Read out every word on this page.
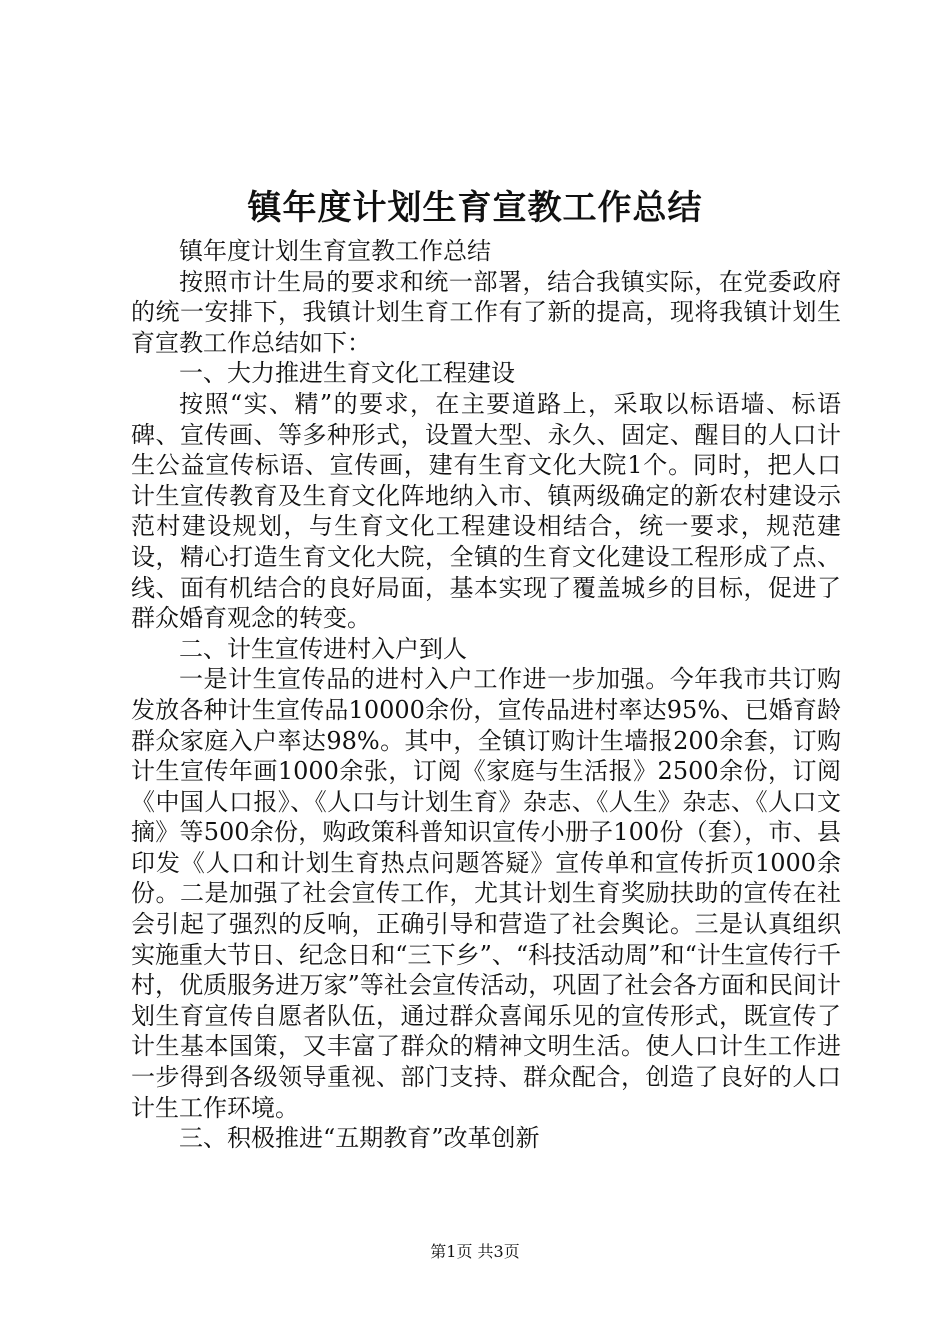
镇年度计划生育宣教工作总结

镇年度计划生育宣教工作总结

按照市计生局的要求和统一部署，结合我镇实际，在党委政府的统一安排下，我镇计划生育工作有了新的提高，现将我镇计划生育宣教工作总结如下：

一、大力推进生育文化工程建设

按照“实、精”的要求，在主要道路上，采取以标语墙、标语碑、宣传画、等多种形式，设置大型、永久、固定、醒目的人口计生公益宣传标语、宣传画，建有生育文化大院1个。同时，把人口计生宣传教育及生育文化阵地纳入市、镇两级确定的新农村建设示范村建设规划，与生育文化工程建设相结合，统一要求，规范建设，精心打造生育文化大院，全镇的生育文化建设工程形成了点、线、面有机结合的良好局面，基本实现了覆盖城乡的目标，促进了群众婚育观念的转变。

二、计生宣传进村入户到人

一是计生宣传品的进村入户工作进一步加强。今年我市共订购发放各种计生宣传品10000余份，宣传品进村率达95%、已婚育龄群众家庭入户率达98%。其中，全镇订购计生墙报200余套，订购计生宣传年画1000余张，订阅《家庭与生活报》2500余份，订阅《中国人口报》、《人口与计划生育》杂志、《人生》杂志、《人口文摘》等500余份，购政策科普知识宣传小册子100份（套），市、县印发《人口和计划生育热点问题答疑》宣传单和宣传折页1000余份。二是加强了社会宣传工作，尤其计划生育奖励扶助的宣传在社会引起了强烈的反响，正确引导和营造了社会舆论。三是认真组织实施重大节日、纪念日和“三下乡”、“科技活动周”和“计生宣传行千村，优质服务进万家”等社会宣传活动，巩固了社会各方面和民间计划生育宣传自愿者队伍，通过群众喜闻乐见的宣传形式，既宣传了计生基本国策，又丰富了群众的精神文明生活。使人口计生工作进一步得到各级领导重视、部门支持、群众配合，创造了良好的人口计生工作环境。

三、积极推进“五期教育”改革创新

第1页 共3页
